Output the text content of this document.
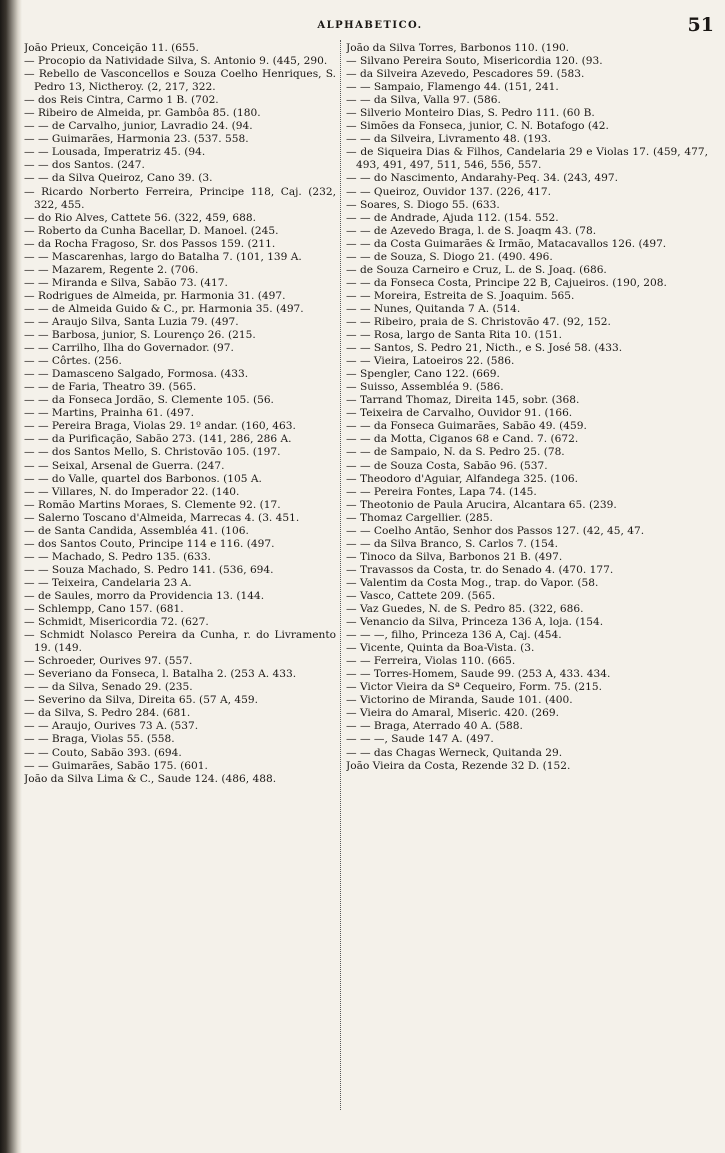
ALPHABETICO.	51

João Prieux, Conceição 11. (655.

— Procopio da Natividade Silva, S. Antonio 9. (445, 290.

— Rebello de Vasconcellos e Souza Coelho Henriques, S. Pedro 13, Nictheroy. (2, 217, 322.

— dos Reis Cintra, Carmo 1 B. (702.

— Ribeiro de Almeida, pr. Gambôa 85. (180.

— — de Carvalho, junior, Lavradio 24. (94.

— — Guimarães, Harmonia 23. (537. 558.

— — Lousada, Imperatriz 45. (94.

— — dos Santos. (247.

— — da Silva Queiroz, Cano 39. (3.

— Ricardo Norberto Ferreira, Principe 118, Caj. (232, 322, 455.

— do Rio Alves, Cattete 56. (322, 459, 688.

— Roberto da Cunha Bacellar, D. Manoel. (245.

— da Rocha Fragoso, Sr. dos Passos 159. (211.

— — Mascarenhas, largo do Batalha 7. (101, 139 A.

— — Mazarem, Regente 2. (706.

— — Miranda e Silva, Sabão 73. (417.

— Rodrigues de Almeida, pr. Harmonia 31. (497.

— — de Almeida Guido & C., pr. Harmonia 35. (497.

— — Araujo Silva, Santa Luzia 79. (497.

— — Barbosa, junior, S. Lourenço 26. (215.

— — Carrilho, Ilha do Governador. (97.

— — Côrtes. (256.

— — Damasceno Salgado, Formosa. (433.

— — de Faria, Theatro 39. (565.

— — da Fonseca Jordão, S. Clemente 105. (56.

— — Martins, Prainha 61. (497.

— — Pereira Braga, Violas 29. 1º andar. (160, 463.

— — da Purificação, Sabão 273. (141, 286, 286 A.

— — dos Santos Mello, S. Christovão 105. (197.

— — Seixal, Arsenal de Guerra. (247.

— — do Valle, quartel dos Barbonos. (105 A.

— — Villares, N. do Imperador 22. (140.

— Romão Martins Moraes, S. Clemente 92. (17.

— Salerno Toscano d'Almeida, Marrecas 4. (3. 451.

— de Santa Candida, Assembléa 41. (106.

— dos Santos Couto, Principe 114 e 116. (497.

— — Machado, S. Pedro 135. (633.

— — Souza Machado, S. Pedro 141. (536, 694.

— — Teixeira, Candelaria 23 A.

— de Saules, morro da Providencia 13. (144.

— Schlempp, Cano 157. (681.

— Schmidt, Misericordia 72. (627.

— Schmidt Nolasco Pereira da Cunha, r. do Livramento 19. (149.

— Schroeder, Ourives 97. (557.

— Severiano da Fonseca, l. Batalha 2. (253 A. 433.

— — da Silva, Senado 29. (235.

— Severino da Silva, Direita 65. (57 A, 459.

— da Silva, S. Pedro 284. (681.

— — Araujo, Ourives 73 A. (537.

— — Braga, Violas 55. (558.

— — Couto, Sabão 393. (694.

— — Guimarães, Sabão 175. (601.

João da Silva Lima & C., Saude 124. (486, 488.

João da Silva Torres, Barbonos 110. (190.

— Silvano Pereira Souto, Misericordia 120. (93.

— da Silveira Azevedo, Pescadores 59. (583.

— — Sampaio, Flamengo 44. (151, 241.

— — da Silva, Valla 97. (586.

— Silverio Monteiro Dias, S. Pedro 111. (60 B.

— Simões da Fonseca, junior, C. N. Botafogo (42.

— — da Silveira, Livramento 48. (193.

— de Siqueira Dias & Filhos, Candelaria 29 e Violas 17. (459, 477, 493, 491, 497, 511, 546, 556, 557.

— — do Nascimento, Andarahy-Peq. 34. (243, 497.

— — Queiroz, Ouvidor 137. (226, 417.

— Soares, S. Diogo 55. (633.

— — de Andrade, Ajuda 112. (154. 552.

— — de Azevedo Braga, l. de S. Joaqm 43. (78.

— — da Costa Guimarães & Irmão, Matacavallos 126. (497.

— — de Souza, S. Diogo 21. (490. 496.

— de Souza Carneiro e Cruz, L. de S. Joaq. (686.

— — da Fonseca Costa, Principe 22 B, Cajueiros. (190, 208.

— — Moreira, Estreita de S. Joaquim. 565.

— — Nunes, Quitanda 7 A. (514.

— — Ribeiro, praia de S. Christovão 47. (92, 152.

— — Rosa, largo de Santa Rita 10. (151.

— — Santos, S. Pedro 21, Nicth., e S. José 58. (433.

— — Vieira, Latoeiros 22. (586.

— Spengler, Cano 122. (669.

— Suisso, Assembléa 9. (586.

— Tarrand Thomaz, Direita 145, sobr. (368.

— Teixeira de Carvalho, Ouvidor 91. (166.

— — da Fonseca Guimarães, Sabão 49. (459.

— — da Motta, Ciganos 68 e Cand. 7. (672.

— — de Sampaio, N. da S. Pedro 25. (78.

— — de Souza Costa, Sabão 96. (537.

— Theodoro d'Aguiar, Alfandega 325. (106.

— — Pereira Fontes, Lapa 74. (145.

— Theotonio de Paula Arucira, Alcantara 65. (239.

— Thomaz Cargellier. (285.

— — Coelho Antão, Senhor dos Passos 127. (42, 45, 47.

— — da Silva Branco, S. Carlos 7. (154.

— Tinoco da Silva, Barbonos 21 B. (497.

— Travassos da Costa, tr. do Senado 4. (470. 177.

— Valentim da Costa Mog., trap. do Vapor. (58.

— Vasco, Cattete 209. (565.

— Vaz Guedes, N. de S. Pedro 85. (322, 686.

— Venancio da Silva, Princeza 136 A, loja. (154.

— — —, filho, Princeza 136 A, Caj. (454.

— Vicente, Quinta da Boa-Vista. (3.

— — Ferreira, Violas 110. (665.

— — Torres-Homem, Saude 99. (253 A, 433. 434.

— Victor Vieira da Sª Cequeiro, Form. 75. (215.

— Victorino de Miranda, Saude 101. (400.

— Vieira do Amaral, Miseric. 420. (269.

— — Braga, Aterrado 40 A. (588.

— — —, Saude 147 A. (497.

— — das Chagas Werneck, Quitanda 29.

João Vieira da Costa, Rezende 32 D. (152.
